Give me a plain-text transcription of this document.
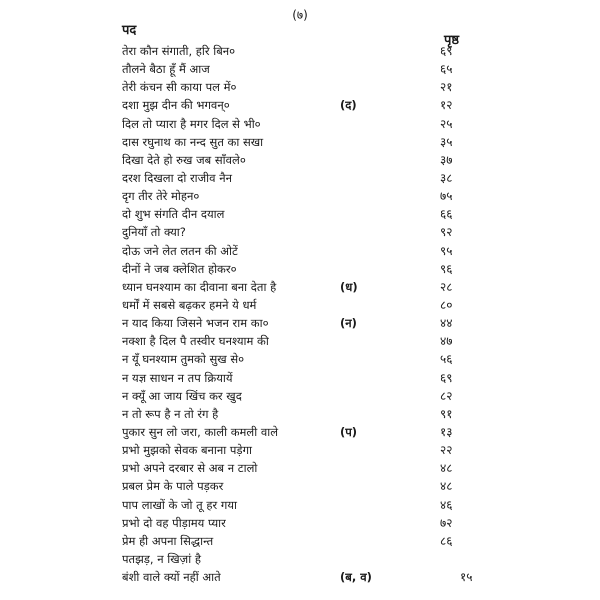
(७)
पद
पृष्ठ
तेरा कौन संगाती, हरि बिन०	६९
तौलने बैठा हूँ मैं आज	६५
तेरी कंचन सी काया पल में०	२१
दशा मुझ दीन की भगवन्०	(द)	१२
दिल तो प्यारा है मगर दिल से भी०	२५
दास रघुनाथ का नन्द सुत का सखा	३५
दिखा देते हो रुख जब साँवले०	३७
दरश दिखला दो राजीव नैन	३८
दृग तीर तेरे मोहन०	७५
दो शुभ संगति दीन दयाल	६६
दुनियाँ तो क्या?	९२
दोऊ जने लेत लतन की ओटें	९५
दीनों ने जब क्लेशित होकर०	९६
ध्यान घनश्याम का दीवाना बना देता है	(ध)	२८
धर्मों में सबसे बढ़कर हमने ये धर्म	८०
न याद किया जिसने भजन राम का०	(न)	४४
नक्शा है दिल पै तस्वीर घनश्याम की	४७
न यूँ घनश्याम तुमको सुख से०	५६
न यज्ञ साधन न तप क्रियायें	६९
न क्यूँ आ जाय खिंच कर खुद	८२
न तो रूप है न तो रंग है	९१
पुकार सुन लो जरा, काली कमली वाले	(प)	१३
प्रभो मुझको सेवक बनाना पड़ेगा	२२
प्रभो अपने दरबार से अब न टालो	४८
प्रबल प्रेम के पाले पड़कर	४८
पाप लाखों के जो तू हर गया	४६
प्रभो दो वह पीड़ामय प्यार	७२
प्रेम ही अपना सिद्धान्त	८६
पतझड़, न खिज़ां है
बंशी वाले क्यों नहीं आते	(ब, व)	१५
